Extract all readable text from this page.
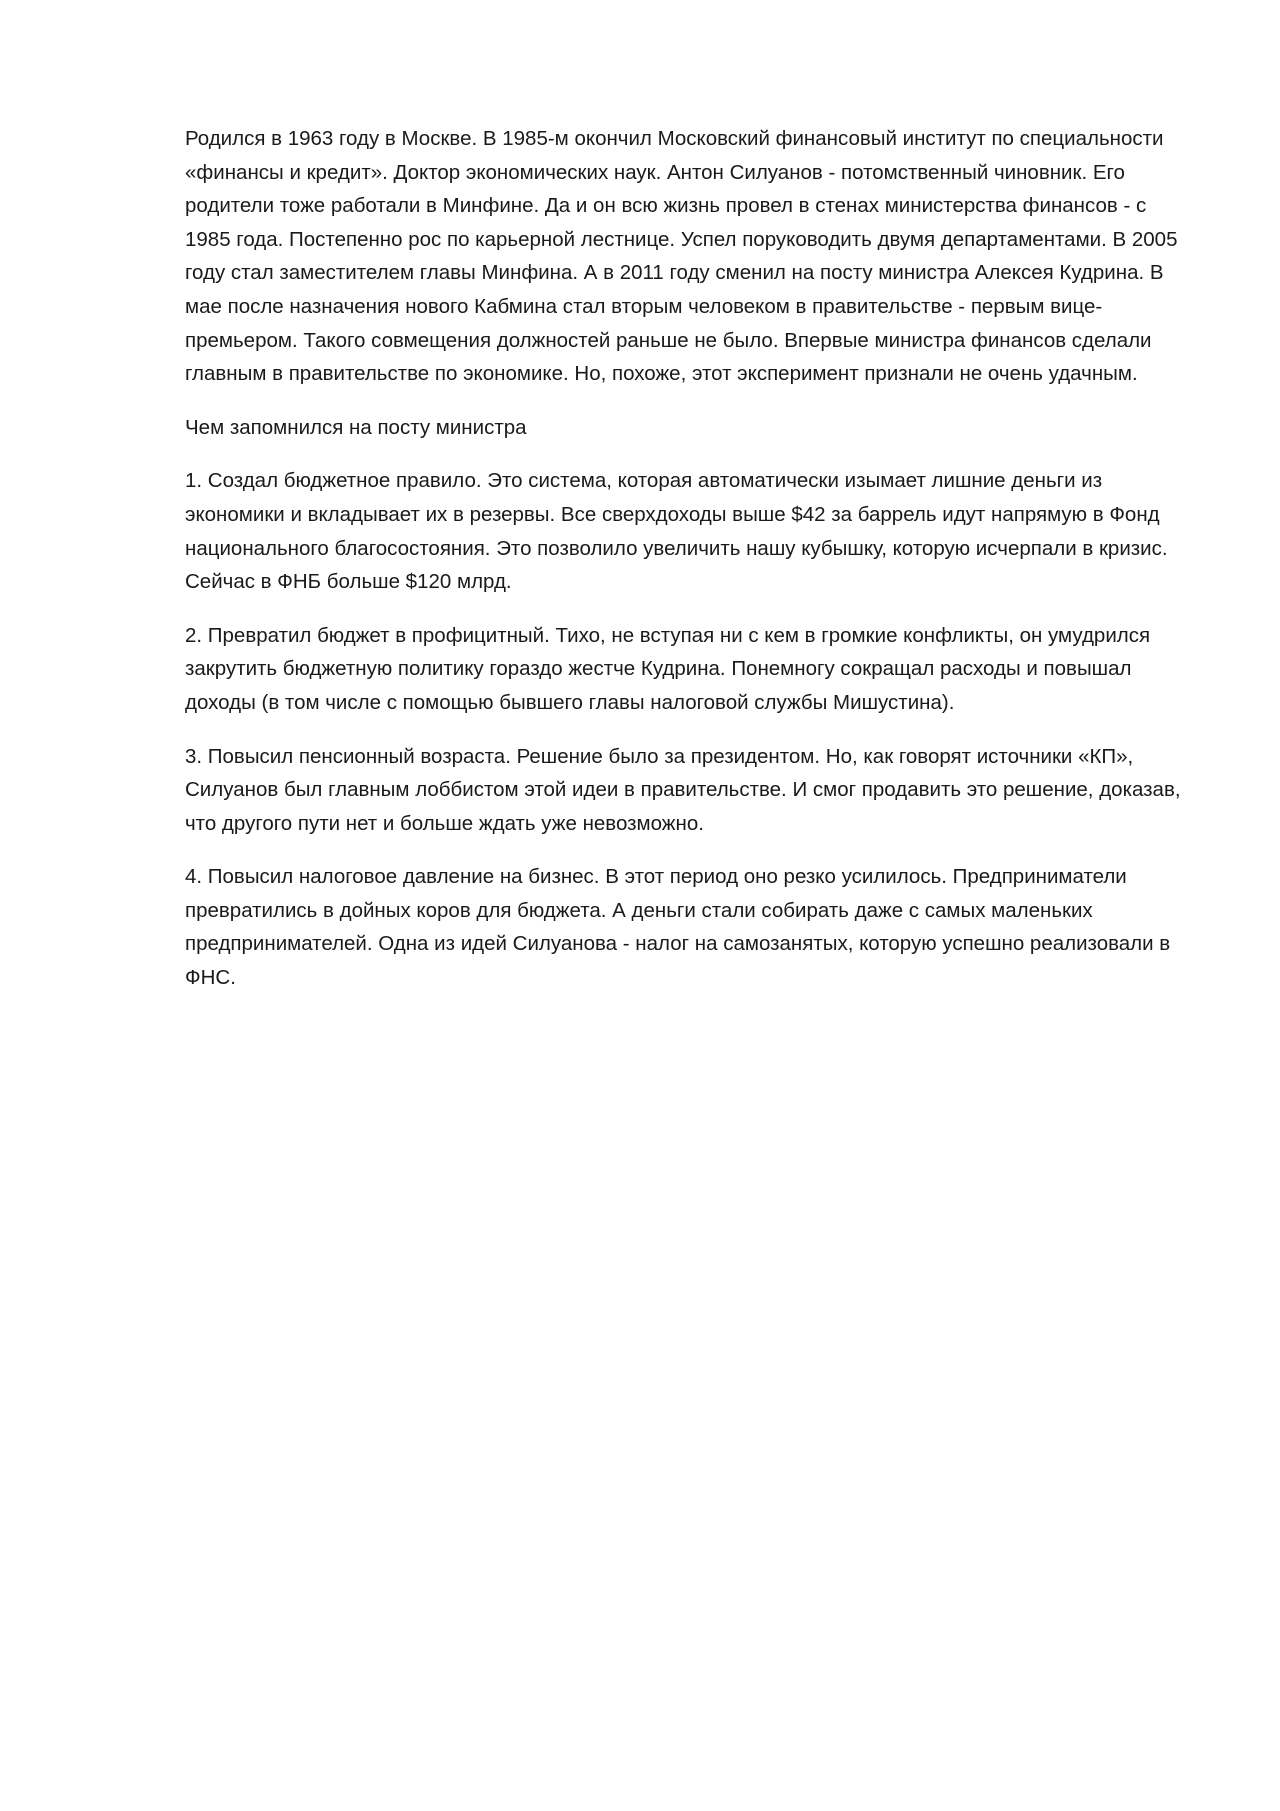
Родился в 1963 году в Москве. В 1985-м окончил Московский финансовый институт по специальности «финансы и кредит». Доктор экономических наук. Антон Силуанов - потомственный чиновник. Его родители тоже работали в Минфине. Да и он всю жизнь провел в стенах министерства финансов - с 1985 года. Постепенно рос по карьерной лестнице. Успел поруководить двумя департаментами. В 2005 году стал заместителем главы Минфина. А в 2011 году сменил на посту министра Алексея Кудрина. В мае после назначения нового Кабмина стал вторым человеком в правительстве - первым вице-премьером. Такого совмещения должностей раньше не было. Впервые министра финансов сделали главным в правительстве по экономике. Но, похоже, этот эксперимент признали не очень удачным.

Чем запомнился на посту министра

1. Создал бюджетное правило. Это система, которая автоматически изымает лишние деньги из экономики и вкладывает их в резервы. Все сверхдоходы выше $42 за баррель идут напрямую в Фонд национального благосостояния. Это позволило увеличить нашу кубышку, которую исчерпали в кризис. Сейчас в ФНБ больше $120 млрд.

2. Превратил бюджет в профицитный. Тихо, не вступая ни с кем в громкие конфликты, он умудрился закрутить бюджетную политику гораздо жестче Кудрина. Понемногу сокращал расходы и повышал доходы (в том числе с помощью бывшего главы налоговой службы Мишустина).

3. Повысил пенсионный возраста. Решение было за президентом. Но, как говорят источники «КП», Силуанов был главным лоббистом этой идеи в правительстве. И смог продавить это решение, доказав, что другого пути нет и больше ждать уже невозможно.

4. Повысил налоговое давление на бизнес. В этот период оно резко усилилось. Предприниматели превратились в дойных коров для бюджета. А деньги стали собирать даже с самых маленьких предпринимателей. Одна из идей Силуанова - налог на самозанятых, которую успешно реализовали в ФНС.
